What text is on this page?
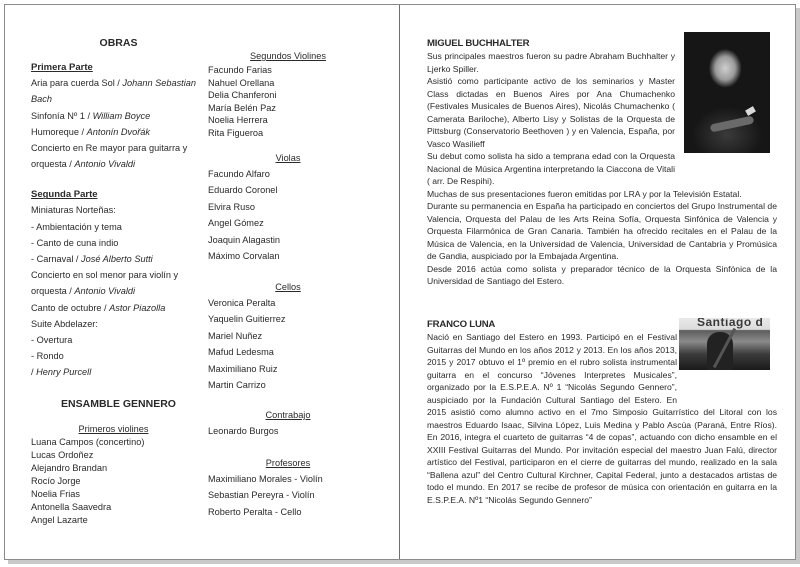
OBRAS
Primera Parte
Aria para cuerda Sol / Johann Sebastian Bach
Sinfonía Nº 1 / William Boyce
Humoreque / Antonín Dvořák
Concierto en Re mayor para guitarra y orquesta / Antonio Vivaldi
Segunda Parte
Miniaturas Norteñas:
- Ambientación y tema
- Canto de cuna indio
- Carnaval / José Alberto Sutti
Concierto en sol menor para violín y orquesta / Antonio Vivaldi
Canto de octubre / Astor Piazolla
Suite Abdelazer:
- Overtura
- Rondo
/ Henry Purcell
ENSAMBLE GENNERO
Primeros violines
Luana Campos (concertino)
Lucas Ordoñez
Alejandro Brandan
Rocío Jorge
Noelia Frias
Antonella Saavedra
Angel Lazarte
Segundos Violines
Facundo Farias
Nahuel Orellana
Delia Chanferoni
María Belén Paz
Noelia Herrera
Rita Figueroa
Violas
Facundo Alfaro
Eduardo Coronel
Elvira Ruso
Angel Gómez
Joaquin Alagastin
Máximo Corvalan
Cellos
Veronica Peralta
Yaquelin Guitierrez
Mariel Nuñez
Mafud Ledesma
Maximiliano Ruiz
Martin Carrizo
Contrabajo
Leonardo Burgos
Profesores
Maximiliano Morales - Violín
Sebastian Pereyra - Violín
Roberto Peralta - Cello
MIGUEL BUCHHALTER

Sus principales maestros fueron su padre Abraham Buchhalter y Ljerko Spiller.

Asistió como participante activo de los seminarios y Master Class dictadas en Buenos Aires por Ana Chumachenko (Festivales Musicales de Buenos Aires), Nicolás Chumachenko ( Camerata Bariloche), Alberto Lisy y Solistas de la Orquesta de Pittsburg (Conservatorio Beethoven ) y en Valencia, España, por Vasco Wasilieff

Su debut como solista ha sido a temprana edad con la Orquesta Nacional de Música Argentina interpretando la Ciaccona de Vitali ( arr. De Respihi).

Muchas de sus presentaciones fueron emitidas por LRA y por la Televisión Estatal.

Durante su permanencia en España ha participado en conciertos del Grupo Instrumental de Valencia, Orquesta del Palau de les Arts Reina Sofía, Orquesta Sinfónica de Valencia y Orquesta Filarmónica de Gran Canaria. También ha ofrecido recitales en el Palau de la Música de Valencia, en la Universidad de Valencia, Universidad de Cantabria y Promúsica de Gandia, auspiciado por la Embajada Argentina.

Desde 2016 actúa como solista y preparador técnico de la Orquesta Sinfónica de la Universidad de Santiago del Estero.

Santiago d
FRANCO LUNA

Nació en Santiago del Estero en 1993. Participó en el Festival Guitarras del Mundo en los años 2012 y 2013. En los años 2013, 2015 y 2017 obtuvo el 1º premio en el rubro solista instrumental guitarra en el concurso “Jóvenes Interpretes Musicales”, organizado por la E.S.P.E.A. Nº 1 “Nicolás Segundo Gennero”, auspiciado por la Fundación Cultural Santiago del Estero. En 2015 asistió como alumno activo en el 7mo Simposio Guitarrístico del Litoral con los maestros Eduardo Isaac, Silvina López, Luis Medina y Pablo Ascúa (Paraná, Entre Ríos). En 2016, integra el cuarteto de guitarras “4 de copas”, actuando con dicho ensamble en el XXIII Festival Guitarras del Mundo. Por invitación especial del maestro Juan Falú, director artístico del Festival, participaron en el cierre de guitarras del mundo, realizado en la sala “Ballena azul” del Centro Cultural Kirchner, Capital Federal, junto a destacados artistas de todo el mundo. En 2017 se recibe de profesor de música con orientación en guitarra en la E.S.P.E.A. Nº1 “Nicolás Segundo Gennero”
